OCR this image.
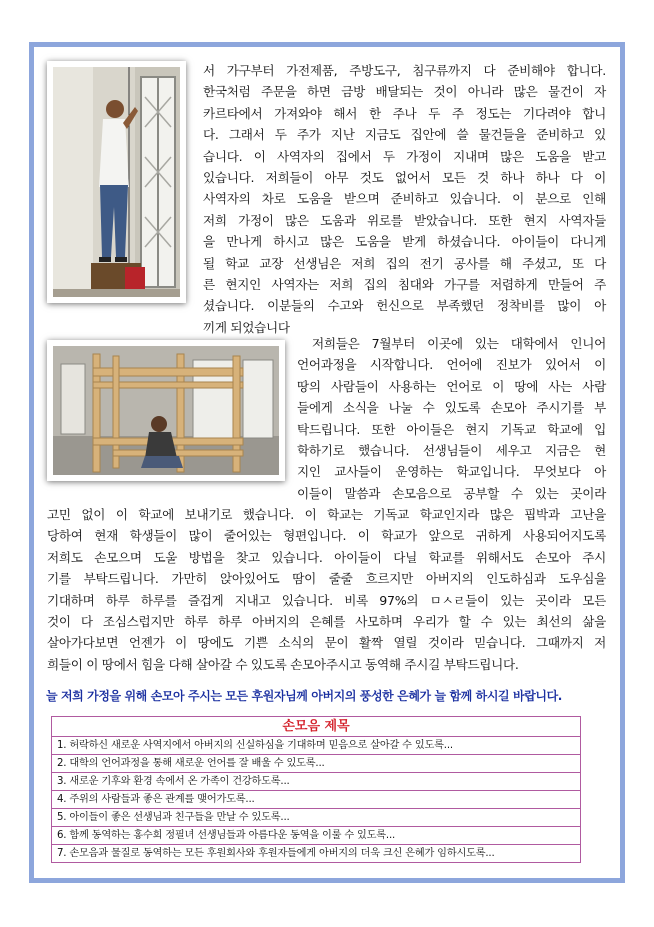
서 가구부터 가전제품, 주방도구, 침구류까지 다 준비해야 합니다.
한국처럼 주문을 하면 금방 배달되는 것이 아니라 많은 물건이 자
카르타에서 가져와야 해서 한 주나 두 주 정도는 기다려야 합니
다. 그래서 두 주가 지난 지금도 집안에 쓸 물건들을 준비하고 있
습니다. 이 사역자의 집에서 두 가정이 지내며 많은 도움을 받고
있습니다. 저희들이 아무 것도 없어서 모든 것 하나 하나 다 이
사역자의 차로 도움을 받으며 준비하고 있습니다. 이 분으로 인해
저희 가정이 많은 도움과 위로를 받았습니다. 또한 현지 사역자들
을 만나게 하시고 많은 도움을 받게 하셨습니다. 아이들이 다니게
될 학교 교장 선생님은 저희 집의 전기 공사를 해 주셨고, 또 다
른 현지인 사역자는 저희 집의 침대와 가구를 저렴하게 만들어 주
셨습니다. 이분들의 수고와 헌신으로 부족했던 정착비를 많이 아
끼게 되었습니다
저희들은 7월부터 이곳에 있는 대학에서 인니어
언어과정을 시작합니다. 언어에 진보가 있어서 이
땅의 사람들이 사용하는 언어로 이 땅에 사는 사람
들에게 소식을 나눌 수 있도록 손모아 주시기를 부
탁드립니다. 또한 아이들은 현지 기독교 학교에 입
학하기로 했습니다. 선생님들이 세우고 지금은 현
지인 교사들이 운영하는 학교입니다. 무엇보다 아
이들이 말씀과 손모음으로 공부할 수 있는 곳이라
고민 없이 이 학교에 보내기로 했습니다. 이 학교는 기독교 학교인지라 많은 핍박과 고난을
당하여 현재 학생들이 많이 줄어있는 형편입니다. 이 학교가 앞으로 귀하게 사용되어지도록
저희도 손모으며 도울 방법을 찾고 있습니다. 아이들이 다닐 학교를 위해서도 손모아 주시
기를 부탁드립니다. 가만히 앉아있어도 땀이 줄줄 흐르지만 아버지의 인도하심과 도우심을
기대하며 하루 하루를 즐겁게 지내고 있습니다. 비록 97%의 ㅁㅅㄹ들이 있는 곳이라 모든
것이 다 조심스럽지만 하루 하루 아버지의 은혜를 사모하며 우리가 할 수 있는 최선의 삶을
살아가다보면 언젠가 이 땅에도 기쁜 소식의 문이 활짝 열릴 것이라 믿습니다. 그때까지 저
희들이 이 땅에서 힘을 다해 살아갈 수 있도록 손모아주시고 동역해 주시길 부탁드립니다.
늘 저희 가정을 위해 손모아 주시는 모든 후원자님께 아버지의 풍성한 은혜가 늘 함께 하시길 바랍니다.
손모음 제목
1. 허락하신 새로운 사역지에서 아버지의 신실하심을 기대하며 믿음으로 살아갈 수 있도록...
2. 대학의 언어과정을 통해 새로운 언어를 잘 배울 수 있도록...
3. 새로운 기후와 환경 속에서 온 가족이 건강하도록...
4. 주위의 사람들과 좋은 관계를 맺어가도록...
5. 아이들이 좋은 선생님과 친구들을 만날 수 있도록...
6. 함께 동역하는 홍수희 정필녀 선생님들과 아름다운 동역을 이룰 수 있도록...
7. 손모음과 물질로 동역하는 모든 후원회사와 후원자들에게 아버지의 더욱 크신 은혜가 임하시도록...
